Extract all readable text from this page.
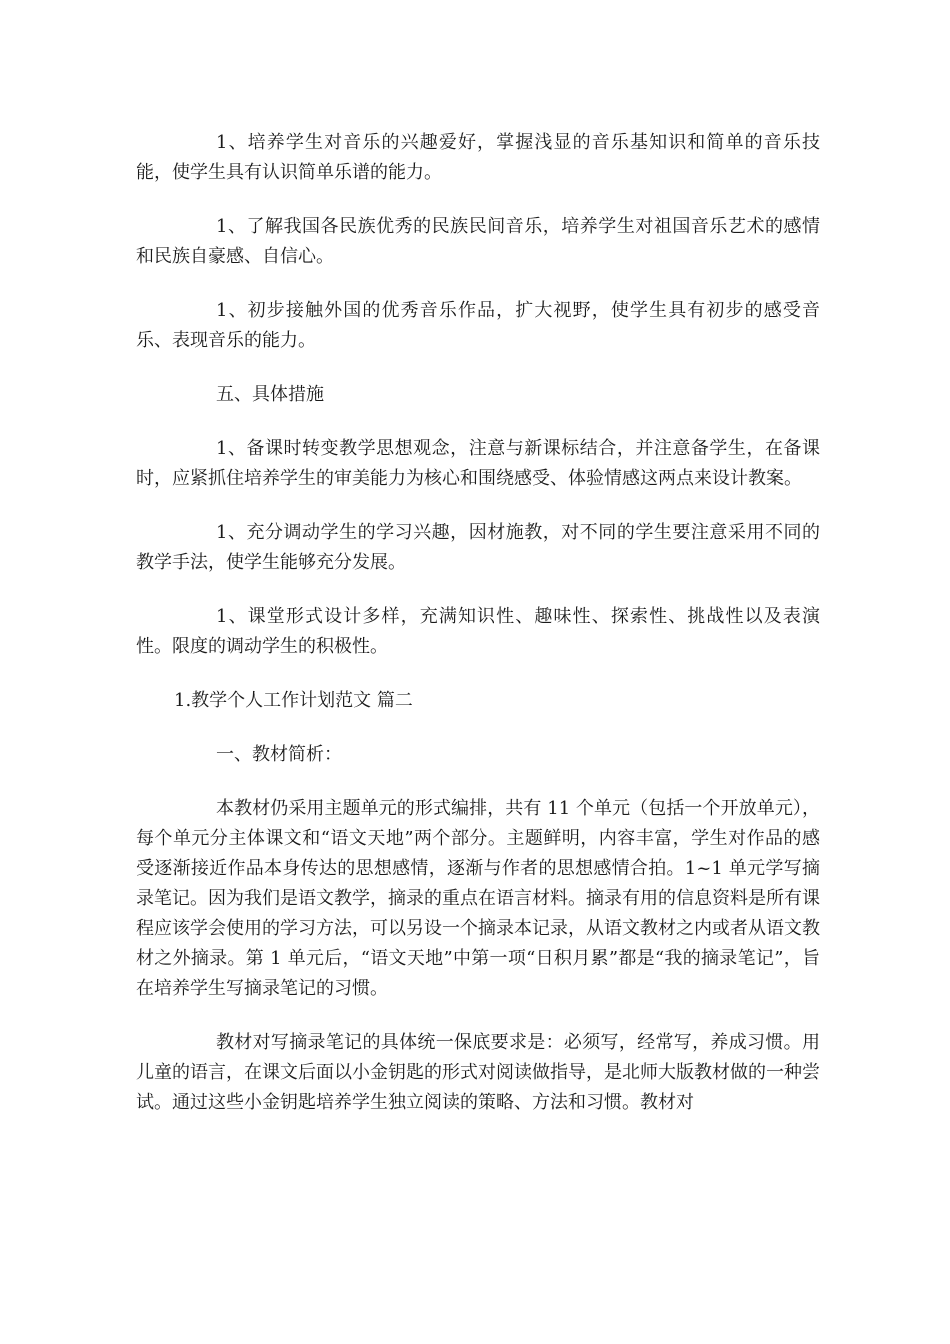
1、培养学生对音乐的兴趣爱好，掌握浅显的音乐基知识和简单的音乐技能，使学生具有认识简单乐谱的能力。

1、了解我国各民族优秀的民族民间音乐，培养学生对祖国音乐艺术的感情和民族自豪感、自信心。

1、初步接触外国的优秀音乐作品，扩大视野，使学生具有初步的感受音乐、表现音乐的能力。

五、具体措施

1、备课时转变教学思想观念，注意与新课标结合，并注意备学生，在备课时，应紧抓住培养学生的审美能力为核心和围绕感受、体验情感这两点来设计教案。

1、充分调动学生的学习兴趣，因材施教，对不同的学生要注意采用不同的教学手法，使学生能够充分发展。

1、课堂形式设计多样，充满知识性、趣味性、探索性、挑战性以及表演性。限度的调动学生的积极性。

1.教学个人工作计划范文 篇二

一、教材简析：

本教材仍采用主题单元的形式编排，共有 11 个单元（包括一个开放单元），每个单元分主体课文和“语文天地”两个部分。主题鲜明，内容丰富，学生对作品的感受逐渐接近作品本身传达的思想感情，逐渐与作者的思想感情合拍。1~1 单元学写摘录笔记。因为我们是语文教学，摘录的重点在语言材料。摘录有用的信息资料是所有课程应该学会使用的学习方法，可以另设一个摘录本记录，从语文教材之内或者从语文教材之外摘录。第 1 单元后，“语文天地”中第一项“日积月累”都是“我的摘录笔记”，旨在培养学生写摘录笔记的习惯。

教材对写摘录笔记的具体统一保底要求是：必须写，经常写，养成习惯。用儿童的语言，在课文后面以小金钥匙的形式对阅读做指导，是北师大版教材做的一种尝试。通过这些小金钥匙培养学生独立阅读的策略、方法和习惯。教材对
